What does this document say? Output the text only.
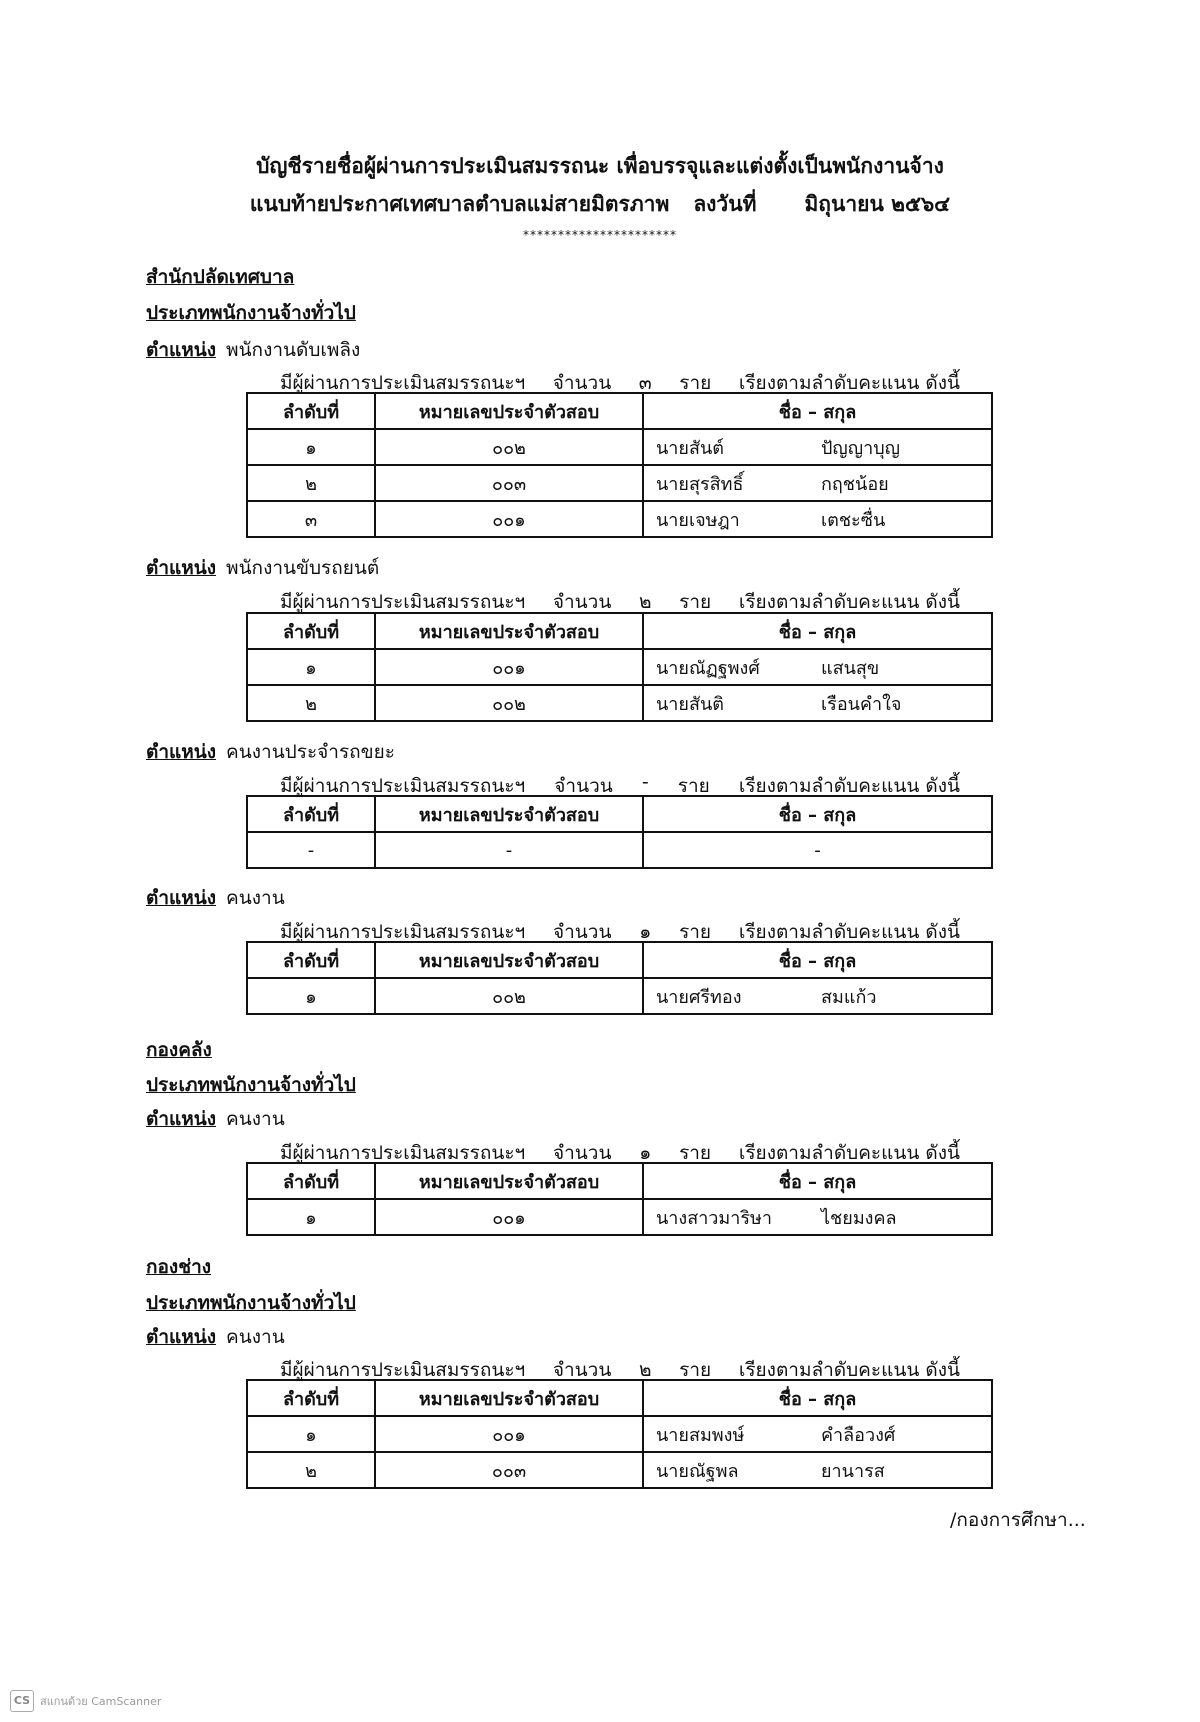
บัญชีรายชื่อผู้ผ่านการประเมินสมรรถนะ เพื่อบรรจุและแต่งตั้งเป็นพนักงานจ้าง
แนบท้ายประกาศเทศบาลตำบลแม่สายมิตรภาพ ลงวันที่ มิถุนายน ๒๕๖๔
**********************
สำนักปลัดเทศบาล
ประเภทพนักงานจ้างทั่วไป
ตำแหน่ง พนักงานดับเพลิง
มีผู้ผ่านการประเมินสมรรถนะฯ จำนวน ๓ ราย เรียงตามลำดับคะแนน ดังนี้
ลำดับที่	หมายเลขประจำตัวสอบ	ชื่อ – สกุล
๑	๐๐๒	นายสันต์ ปัญญาบุญ
๒	๐๐๓	นายสุรสิทธิ์ กฤชน้อย
๓	๐๐๑	นายเจษฎา เตชะซื่น
ตำแหน่ง พนักงานขับรถยนต์
มีผู้ผ่านการประเมินสมรรถนะฯ จำนวน ๒ ราย เรียงตามลำดับคะแนน ดังนี้
ลำดับที่	หมายเลขประจำตัวสอบ	ชื่อ – สกุล
๑	๐๐๑	นายณัฏฐพงศ์ แสนสุข
๒	๐๐๒	นายสันติ เรือนคำใจ
ตำแหน่ง คนงานประจำรถขยะ
มีผู้ผ่านการประเมินสมรรถนะฯ จำนวน - ราย เรียงตามลำดับคะแนน ดังนี้
ลำดับที่	หมายเลขประจำตัวสอบ	ชื่อ – สกุล
-	-	-
ตำแหน่ง คนงาน
มีผู้ผ่านการประเมินสมรรถนะฯ จำนวน ๑ ราย เรียงตามลำดับคะแนน ดังนี้
ลำดับที่	หมายเลขประจำตัวสอบ	ชื่อ – สกุล
๑	๐๐๒	นายศรีทอง สมแก้ว
กองคลัง
ประเภทพนักงานจ้างทั่วไป
ตำแหน่ง คนงาน
มีผู้ผ่านการประเมินสมรรถนะฯ จำนวน ๑ ราย เรียงตามลำดับคะแนน ดังนี้
ลำดับที่	หมายเลขประจำตัวสอบ	ชื่อ – สกุล
๑	๐๐๑	นางสาวมาริษา ไชยมงคล
กองช่าง
ประเภทพนักงานจ้างทั่วไป
ตำแหน่ง คนงาน
มีผู้ผ่านการประเมินสมรรถนะฯ จำนวน ๒ ราย เรียงตามลำดับคะแนน ดังนี้
ลำดับที่	หมายเลขประจำตัวสอบ	ชื่อ – สกุล
๑	๐๐๑	นายสมพงษ์ คำลือวงศ์
๒	๐๐๓	นายณัฐพล ยานารส
/กองการศึกษา...
CS สแกนด้วย CamScanner
